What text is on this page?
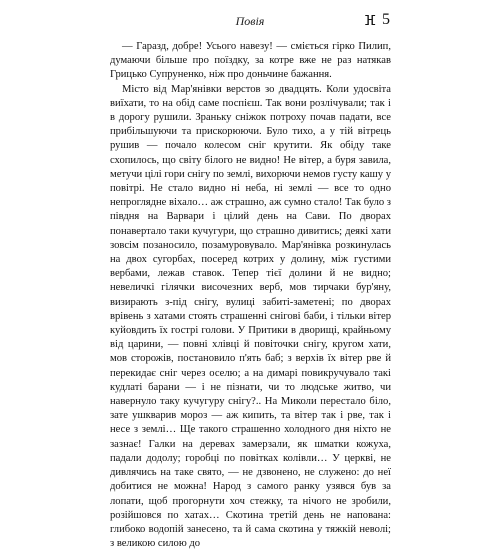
Повія	ⴼ 5

— Гаразд, добре! Усього навезу! — сміється гірко Пилип, думаючи більше про поїздку, за котре вже не раз натякав Грицько Супруненко, ніж про доньчине бажання.

Місто від Мар'янівки верстов зо двадцять. Коли удосвіта виїхати, то на обід саме поспієш. Так вони розлічували; так і в дорогу рушили. Зраньку сніжок потроху почав падати, все прибільшуючи та прискорюючи. Було тихо, а у тій вітрець рушив — почало колесом сніг крутити. Як обіду таке схопилось, що світу білого не видно! Не вітер, а буря завила, метучи цілі гори снігу по землі, вихорючи немов густу кашу у повітрі. Не стало видно ні неба, ні землі — все то одно непроглядне віхало… аж страшно, аж сумно стало! Так було з півдня на Варвари і цілий день на Сави. По дворах понавертало таки кучугури, що страшно дивитись; деякі хати зовсім позаносило, позамуровувало. Мар'янівка розкинулась на двох сугорбах, посеред котрих у долину, між густими вербами, лежав ставок. Тепер тієї долини й не видно; невеличкі гілячки височезних верб, мов тирчаки бур'яну, визирають з-під снігу, вулиці забиті-заметені; по дворах врівень з хатами стоять страшенні снігові баби, і тільки вітер куйовдить їх гострі голови. У Притики в дворищі, крайньому від царини, — повні хлівці й повіточки снігу, кругом хати, мов сторожів, постановило п'ять баб; з верхів їх вітер рве й перекидає сніг через оселю; а на димарі повикручувало такі кудлаті барани — і не пізнати, чи то людське житво, чи навернуло таку кучугуру снігу?.. На Миколи перестало біло, зате ушкварив мороз — аж кипить, та вітер так і рве, так і несе з землі… Ще такого страшенно холодного дня ніхто не зазнає! Галки на деревах замерзали, як шматки кожуха, падали додолу; горобці по повітках колівли… У церкві, не дивлячись на таке свято, — не дзвонено, не служено: до неї добитися не можна! Народ з самого ранку узявся був за лопати, щоб прогорнути хоч стежку, та нічого не зробили, розійшовся по хатах… Скотина третій день не напована: глибоко водопій занесено, та й сама скотина у тяжкій неволі; з великою силою до
